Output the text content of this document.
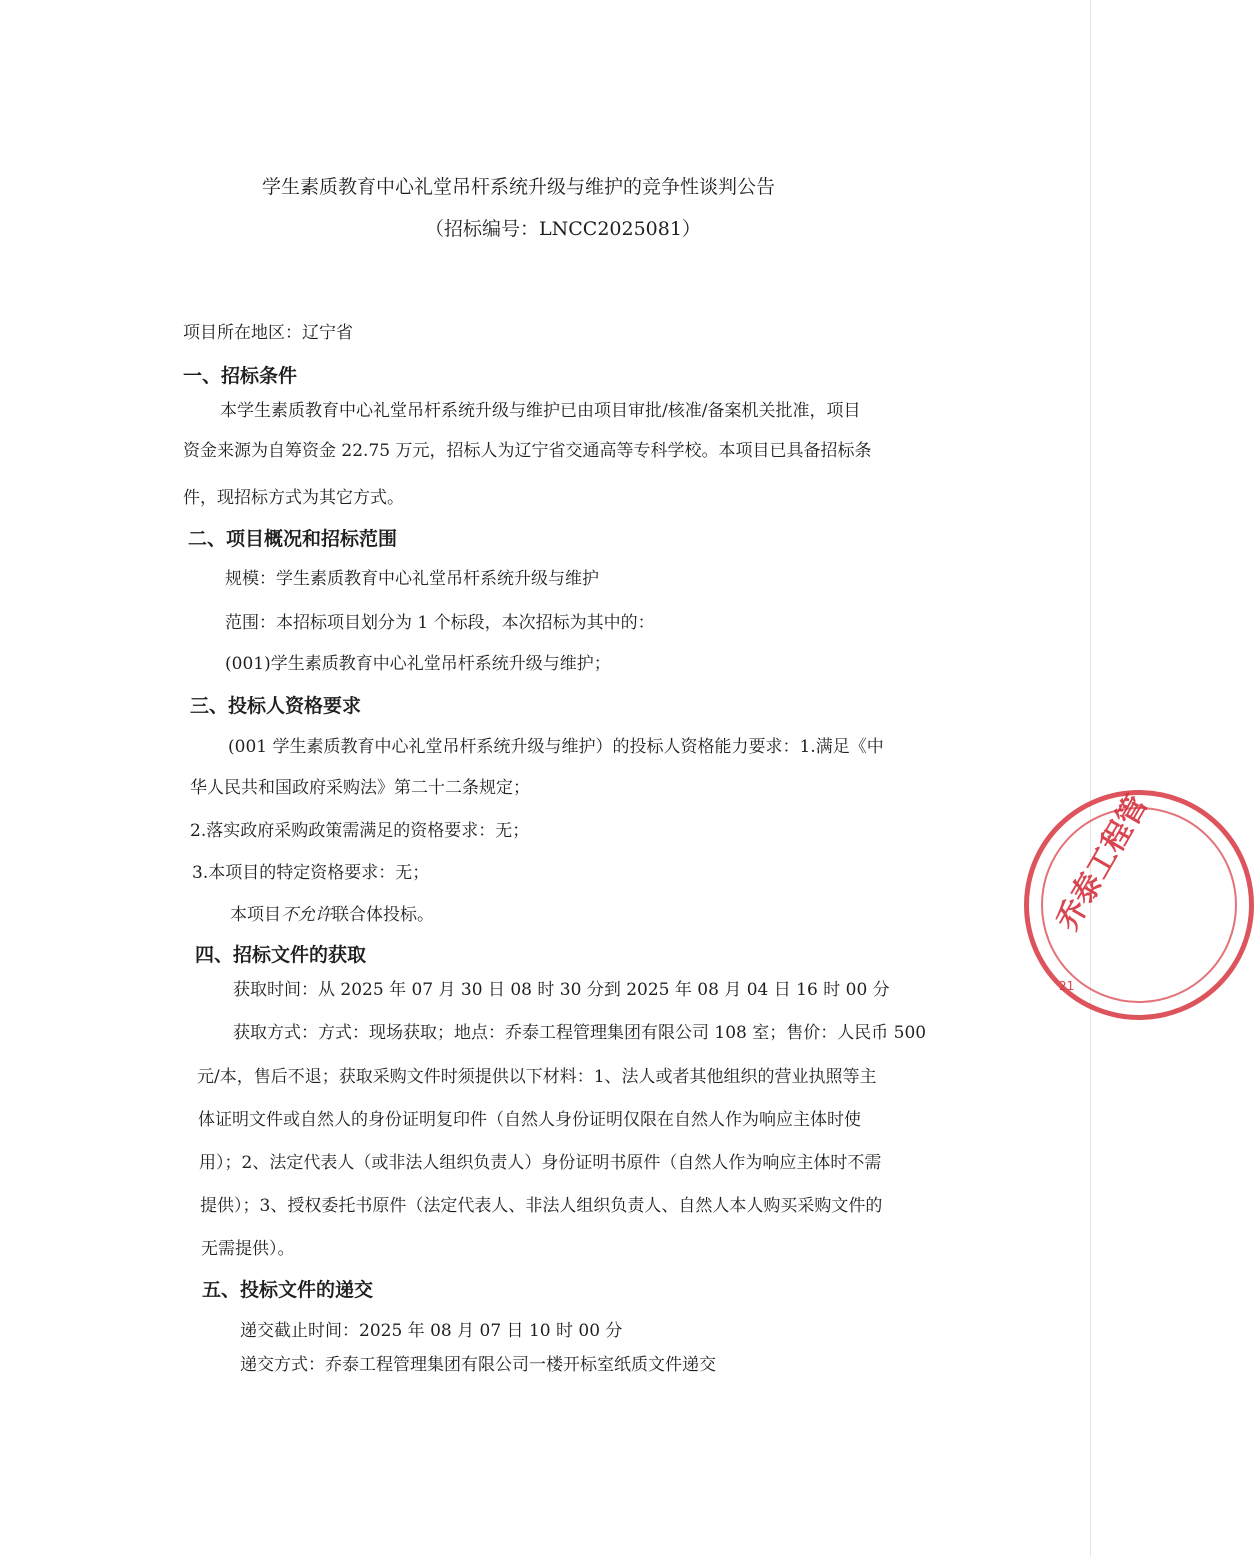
学生素质教育中心礼堂吊杆系统升级与维护的竞争性谈判公告
（招标编号：LNCC2025081）
项目所在地区：辽宁省
一、招标条件
本学生素质教育中心礼堂吊杆系统升级与维护已由项目审批/核准/备案机关批准，项目
资金来源为自筹资金 22.75 万元，招标人为辽宁省交通高等专科学校。本项目已具备招标条
件，现招标方式为其它方式。
二、项目概况和招标范围
规模：学生素质教育中心礼堂吊杆系统升级与维护
范围：本招标项目划分为 1 个标段，本次招标为其中的：
(001)学生素质教育中心礼堂吊杆系统升级与维护；
三、投标人资格要求
(001 学生素质教育中心礼堂吊杆系统升级与维护）的投标人资格能力要求：1.满足《中
华人民共和国政府采购法》第二十二条规定；
2.落实政府采购政策需满足的资格要求：无；
3.本项目的特定资格要求：无；
本项目不允许联合体投标。
四、招标文件的获取
获取时间：从 2025 年 07 月 30 日 08 时 30 分到 2025 年 08 月 04 日 16 时 00 分
获取方式：方式：现场获取；地点：乔泰工程管理集团有限公司 108 室；售价：人民币 500
元/本，售后不退；获取采购文件时须提供以下材料：1、法人或者其他组织的营业执照等主
体证明文件或自然人的身份证明复印件（自然人身份证明仅限在自然人作为响应主体时使
用）；2、法定代表人（或非法人组织负责人）身份证明书原件（自然人作为响应主体时不需
提供）；3、授权委托书原件（法定代表人、非法人组织负责人、自然人本人购买采购文件的
无需提供）。
五、投标文件的递交
递交截止时间：2025 年 08 月 07 日 10 时 00 分
递交方式：乔泰工程管理集团有限公司一楼开标室纸质文件递交
乔泰工程管
21
